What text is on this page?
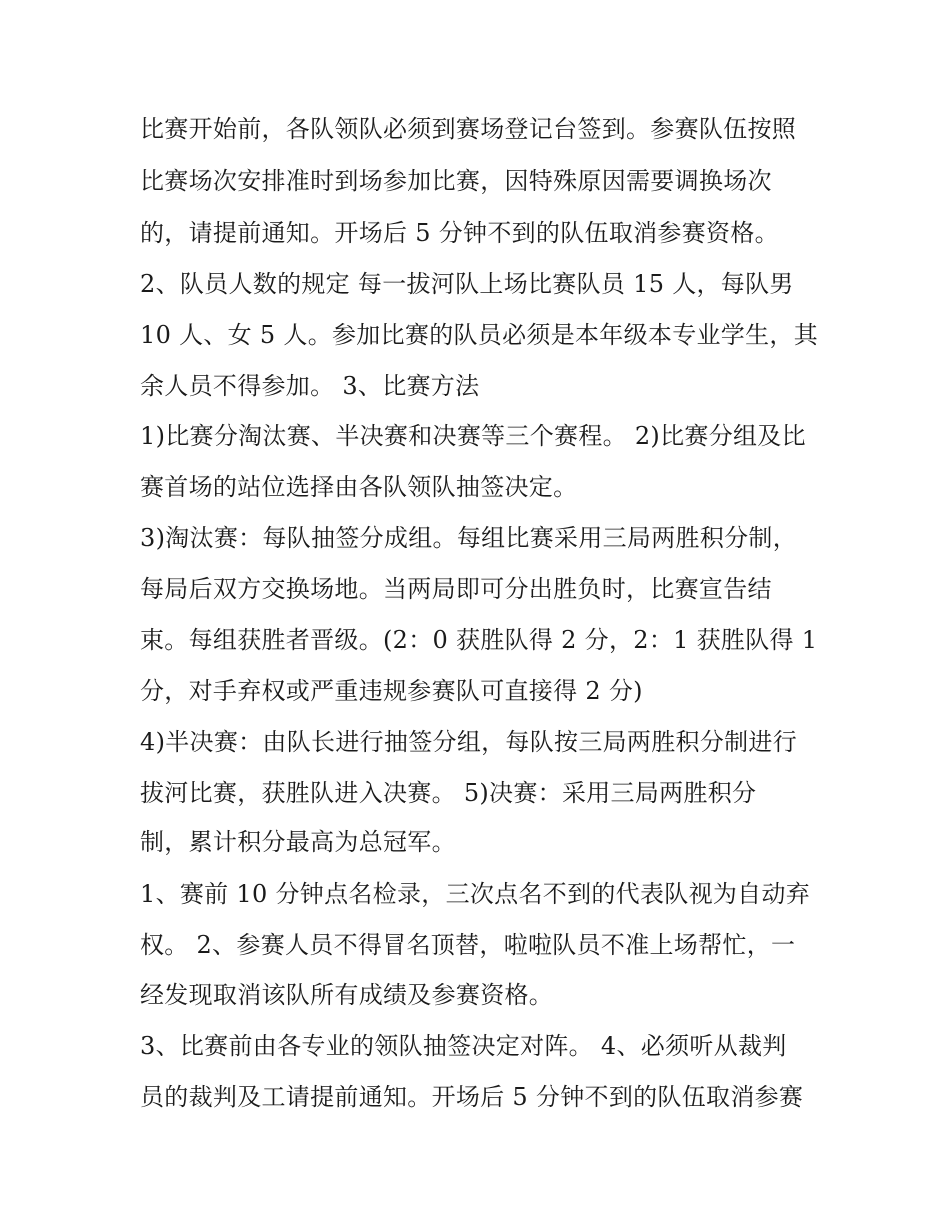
比赛开始前，各队领队必须到赛场登记台签到。参赛队伍按照
比赛场次安排准时到场参加比赛，因特殊原因需要调换场次
的，请提前通知。开场后 5 分钟不到的队伍取消参赛资格。
2、队员人数的规定 每一拔河队上场比赛队员 15 人，每队男
10 人、女 5 人。参加比赛的队员必须是本年级本专业学生，其
余人员不得参加。 3、比赛方法
1)比赛分淘汰赛、半决赛和决赛等三个赛程。 2)比赛分组及比
赛首场的站位选择由各队领队抽签决定。
3)淘汰赛：每队抽签分成组。每组比赛采用三局两胜积分制，
每局后双方交换场地。当两局即可分出胜负时，比赛宣告结
束。每组获胜者晋级。(2：0 获胜队得 2 分，2：1 获胜队得 1
分，对手弃权或严重违规参赛队可直接得 2 分)
4)半决赛：由队长进行抽签分组，每队按三局两胜积分制进行
拔河比赛，获胜队进入决赛。 5)决赛：采用三局两胜积分
制，累计积分最高为总冠军。
1、赛前 10 分钟点名检录，三次点名不到的代表队视为自动弃
权。 2、参赛人员不得冒名顶替，啦啦队员不准上场帮忙，一
经发现取消该队所有成绩及参赛资格。
3、比赛前由各专业的领队抽签决定对阵。 4、必须听从裁判
员的裁判及工请提前通知。开场后 5 分钟不到的队伍取消参赛
